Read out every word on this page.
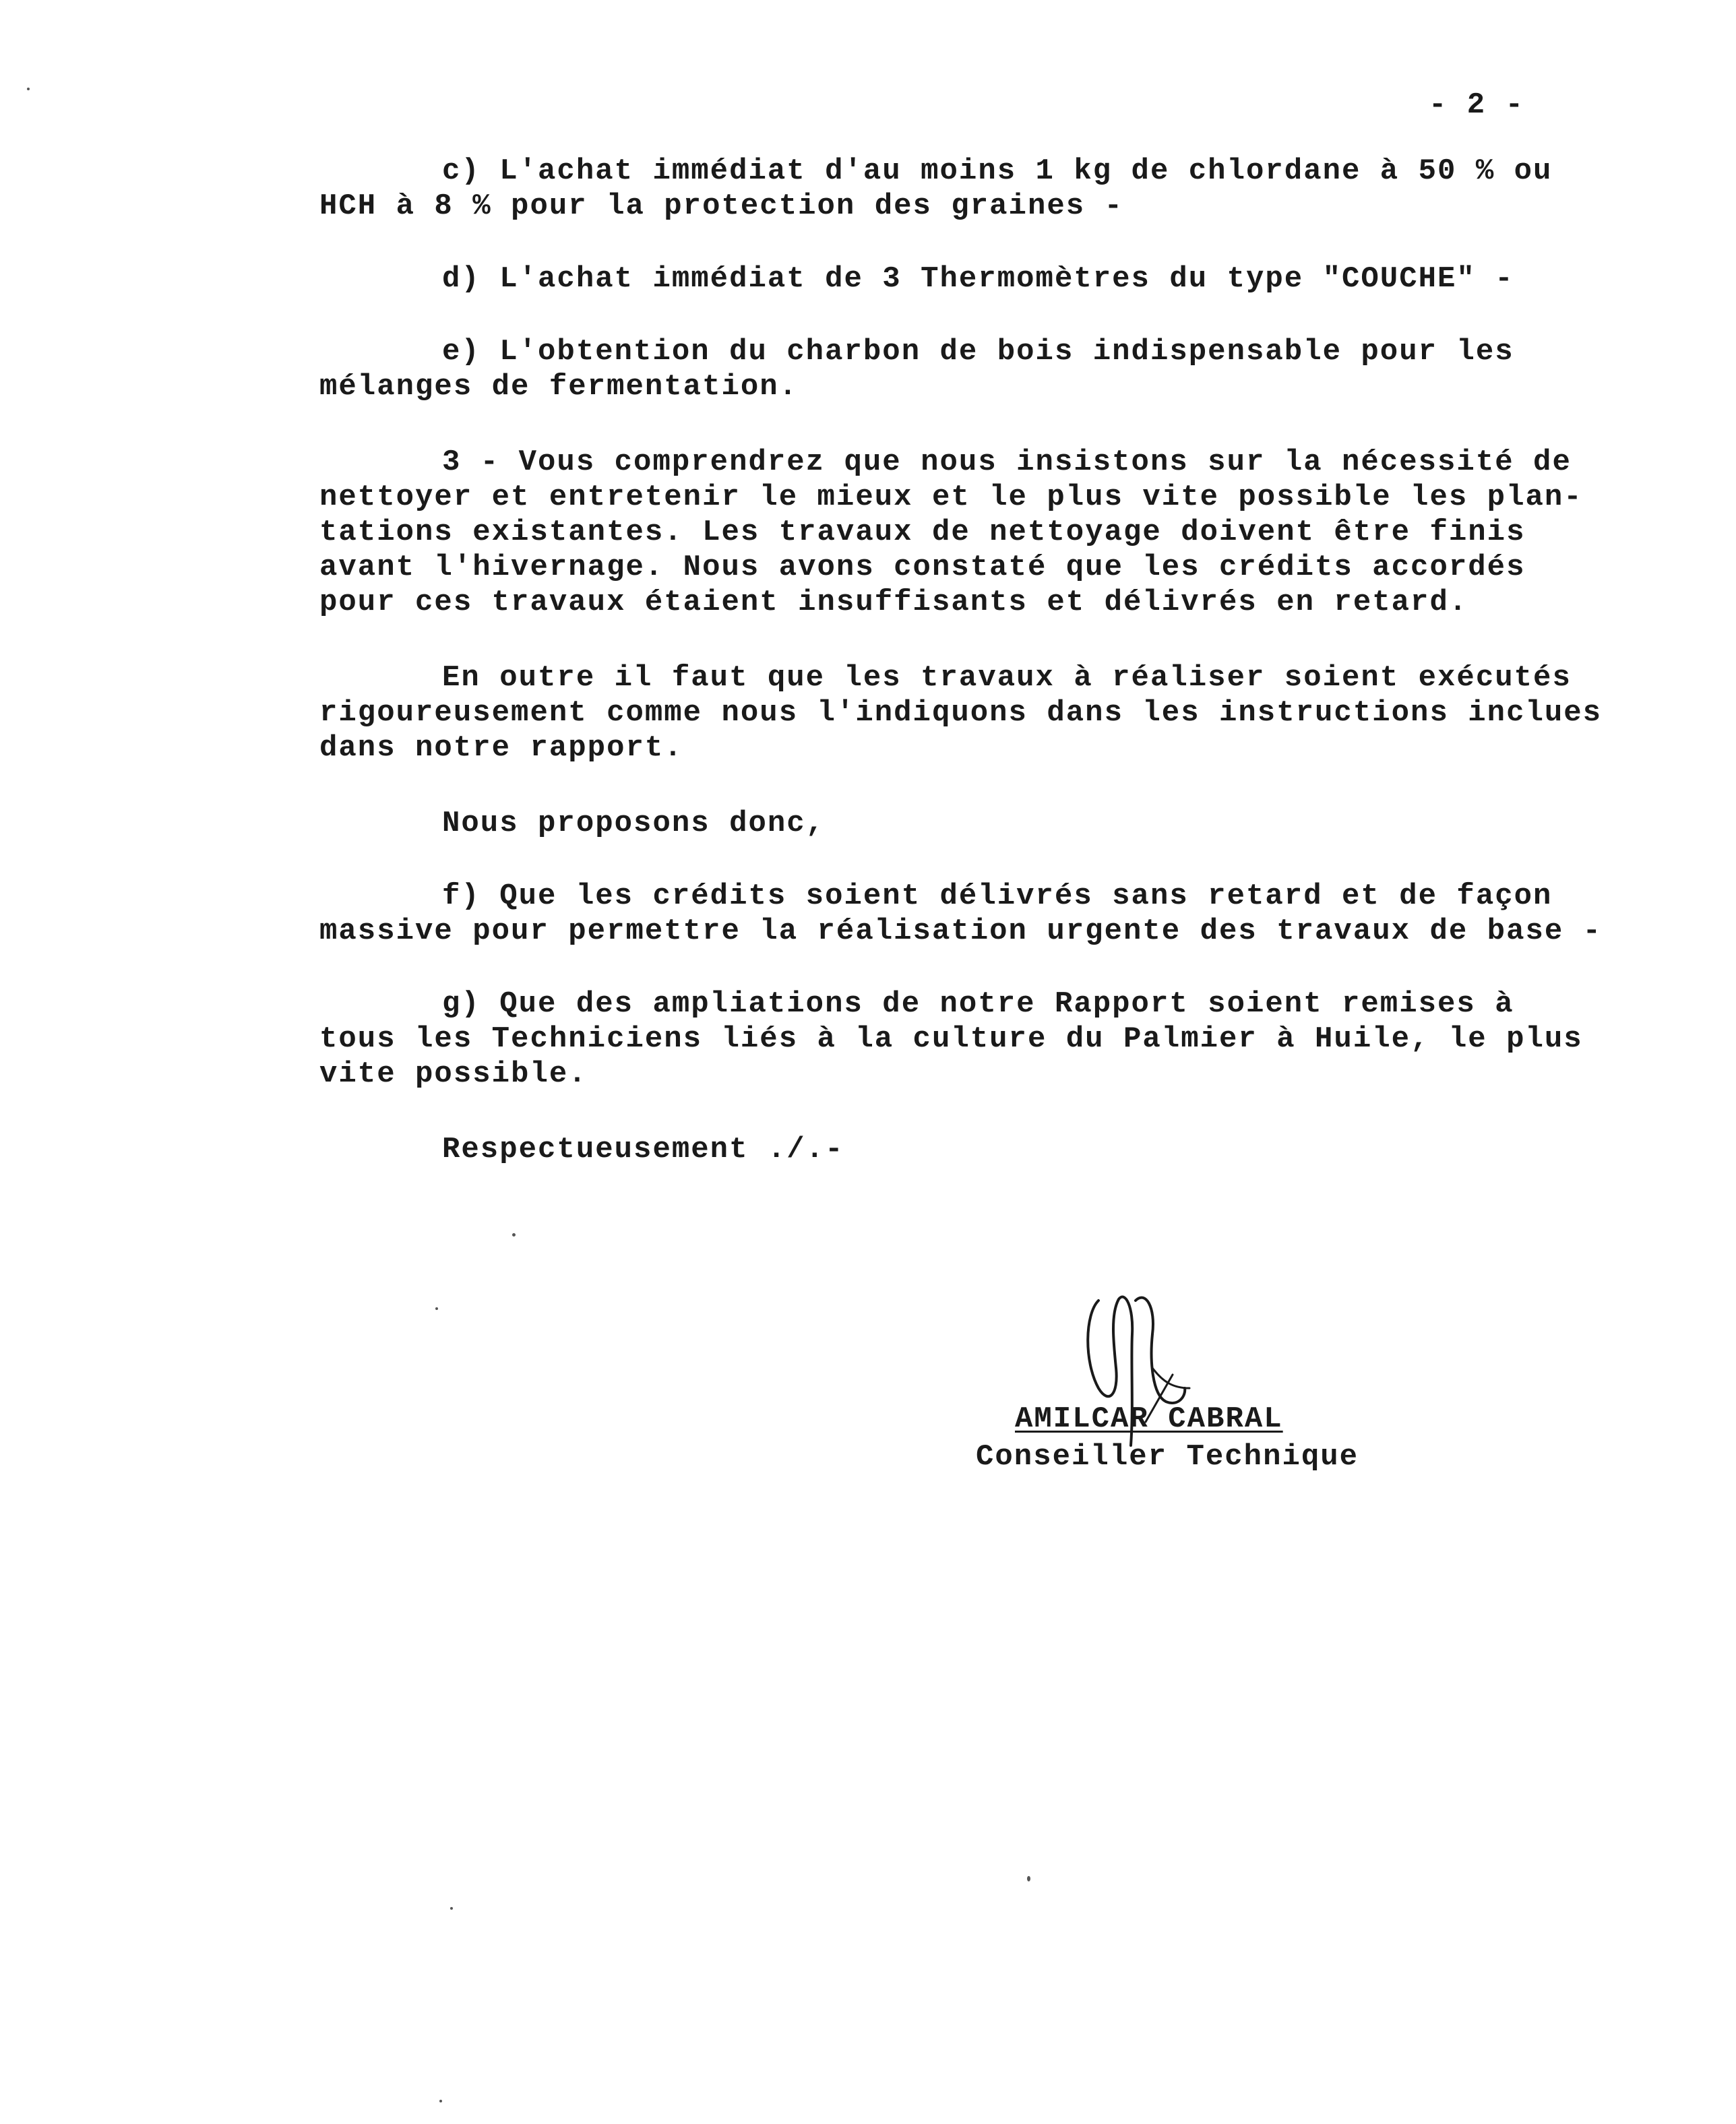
- 2 -
c) L'achat immédiat d'au moins 1 kg de chlordane à 50 % ou
HCH à 8 % pour la protection des graines -
d) L'achat immédiat de 3 Thermomètres du type "COUCHE" -
e) L'obtention du charbon de bois indispensable pour les
mélanges de fermentation.
3 - Vous comprendrez que nous insistons sur la nécessité de
nettoyer et entretenir le mieux et le plus vite possible les plan-
tations existantes. Les travaux de nettoyage doivent être finis
avant l'hivernage. Nous avons constaté que les crédits accordés
pour ces travaux étaient insuffisants et délivrés en retard.
En outre il faut que les travaux à réaliser soient exécutés
rigoureusement comme nous l'indiquons dans les instructions inclues
dans notre rapport.
Nous proposons donc,
f) Que les crédits soient délivrés sans retard et de façon
massive pour permettre la réalisation urgente des travaux de base -
g) Que des ampliations de notre Rapport soient remises à
tous les Techniciens liés à la culture du Palmier à Huile, le plus
vite possible.
Respectueusement ./.-
AMILCAR CABRAL
Conseiller Technique
